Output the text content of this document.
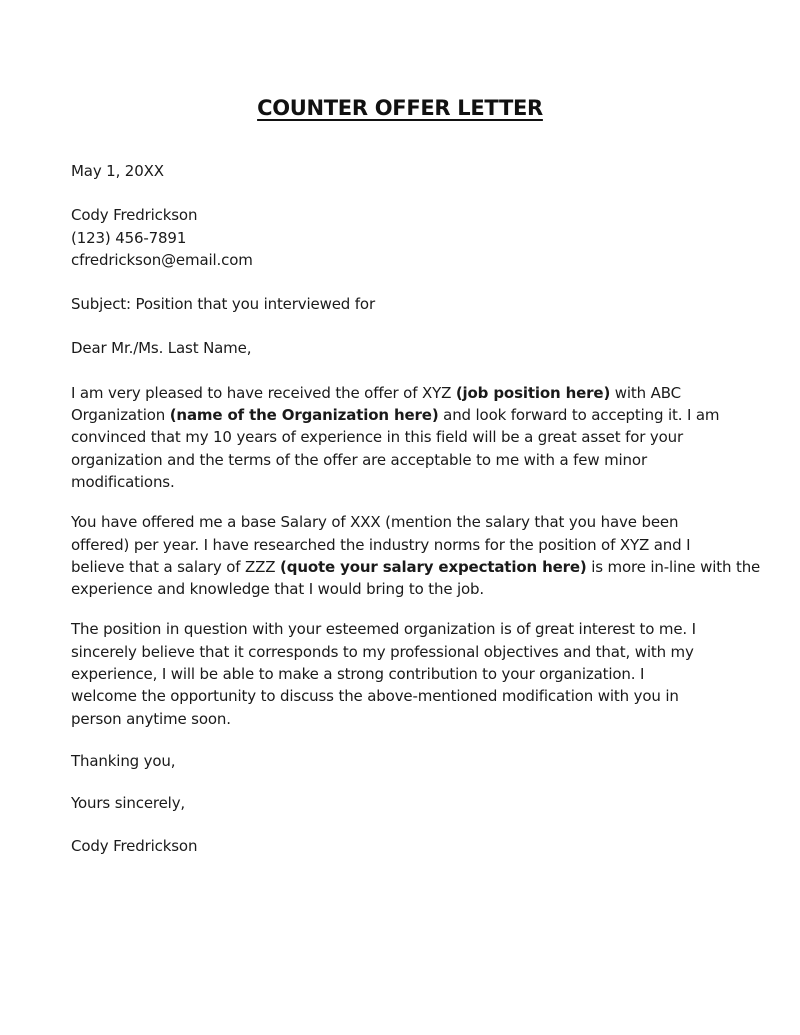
COUNTER OFFER LETTER

May 1, 20XX

Cody Fredrickson
(123) 456-7891
cfredrickson@email.com

Subject: Position that you interviewed for

Dear Mr./Ms. Last Name,

I am very pleased to have received the offer of XYZ (job position here) with ABC
Organization (name of the Organization here) and look forward to accepting it. I am
convinced that my 10 years of experience in this field will be a great asset for your
organization and the terms of the offer are acceptable to me with a few minor
modifications.

You have offered me a base Salary of XXX (mention the salary that you have been
offered) per year. I have researched the industry norms for the position of XYZ and I
believe that a salary of ZZZ (quote your salary expectation here) is more in-line with the
experience and knowledge that I would bring to the job.

The position in question with your esteemed organization is of great interest to me. I
sincerely believe that it corresponds to my professional objectives and that, with my
experience, I will be able to make a strong contribution to your organization. I
welcome the opportunity to discuss the above-mentioned modification with you in
person anytime soon.

Thanking you,

Yours sincerely,

Cody Fredrickson
